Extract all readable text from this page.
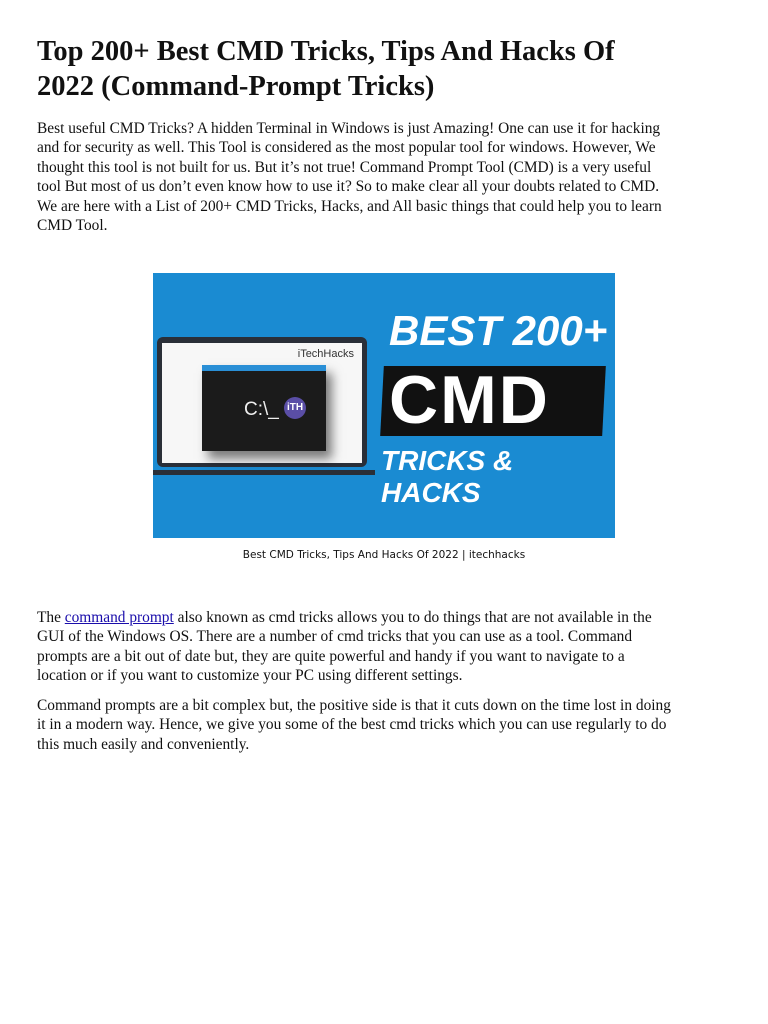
Top 200+ Best CMD Tricks, Tips And Hacks Of
2022 (Command-Prompt Tricks)
Best useful CMD Tricks? A hidden Terminal in Windows is just Amazing! One can use it for hacking
and for security as well. This Tool is considered as the most popular tool for windows. However, We
thought this tool is not built for us. But it’s not true! Command Prompt Tool (CMD) is a very useful
tool But most of us don’t even know how to use it? So to make clear all your doubts related to CMD.
We are here with a List of 200+ CMD Tricks, Hacks, and All basic things that could help you to learn
CMD Tool.
iTechHacks
C:\_ iTH
BEST 200+
CMD
TRICKS & HACKS
Best CMD Tricks, Tips And Hacks Of 2022 | itechhacks
The command prompt also known as cmd tricks allows you to do things that are not available in the
GUI of the Windows OS. There are a number of cmd tricks that you can use as a tool. Command
prompts are a bit out of date but, they are quite powerful and handy if you want to navigate to a
location or if you want to customize your PC using different settings.
Command prompts are a bit complex but, the positive side is that it cuts down on the time lost in doing
it in a modern way. Hence, we give you some of the best cmd tricks which you can use regularly to do
this much easily and conveniently.
